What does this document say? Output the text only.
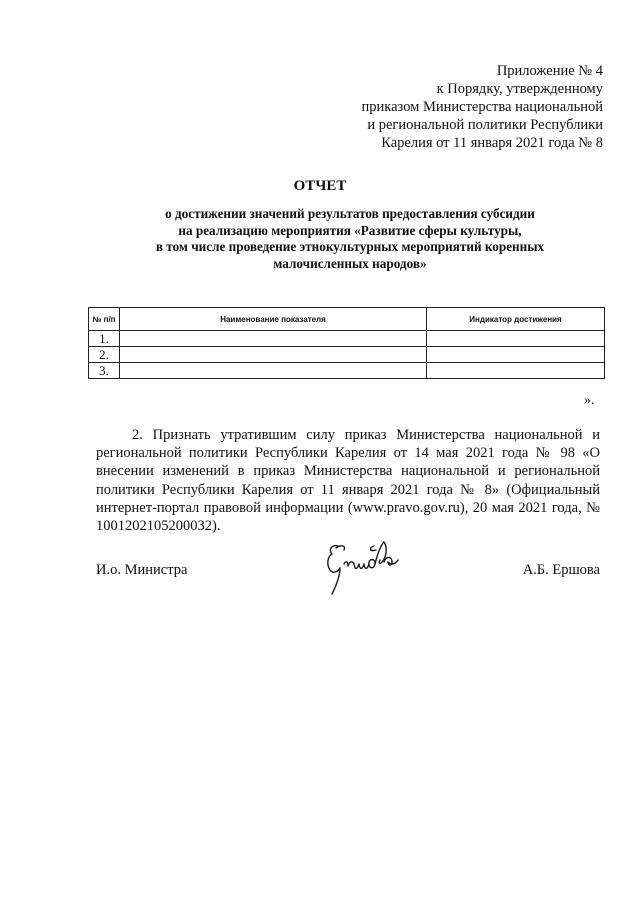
Приложение № 4
к Порядку, утвержденному
приказом Министерства национальной
и региональной политики Республики
Карелия от 11 января 2021 года № 8
ОТЧЕТ
о достижении значений результатов предоставления субсидии
на реализацию мероприятия «Развитие сферы культуры,
в том числе проведение этнокультурных мероприятий коренных
малочисленных народов»
№ п/п	Наименование показателя	Индикатор достижения
1.		
2.		
3.		
».

2. Признать утратившим силу приказ Министерства национальной и региональной политики Республики Карелия от 14 мая 2021 года № 98 «О внесении изменений в приказ Министерства национальной и региональной политики Республики Карелия от 11 января 2021 года № 8» (Официальный интернет-портал правовой информации (www.pravo.gov.ru), 20 мая 2021 года, № 1001202105200032).

И.о. Министра	А.Б. Ершова
